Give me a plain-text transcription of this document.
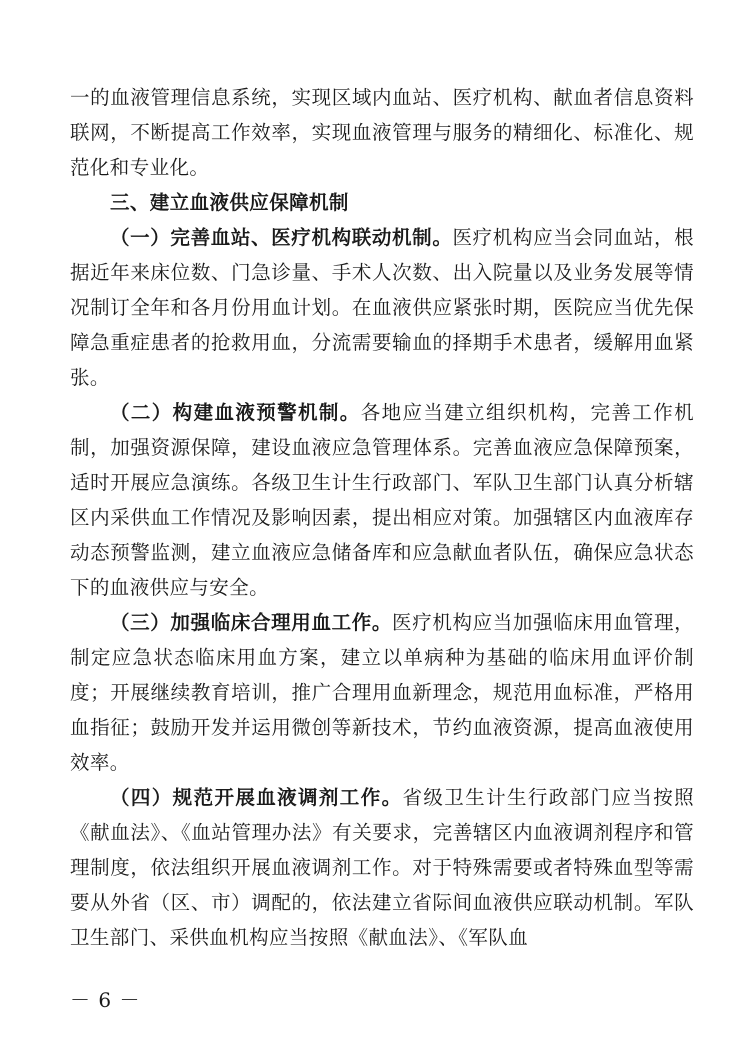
一的血液管理信息系统，实现区域内血站、医疗机构、献血者信息资料联网，不断提高工作效率，实现血液管理与服务的精细化、标准化、规范化和专业化。

三、建立血液供应保障机制

（一）完善血站、医疗机构联动机制。医疗机构应当会同血站，根据近年来床位数、门急诊量、手术人次数、出入院量以及业务发展等情况制订全年和各月份用血计划。在血液供应紧张时期，医院应当优先保障急重症患者的抢救用血，分流需要输血的择期手术患者，缓解用血紧张。

（二）构建血液预警机制。各地应当建立组织机构，完善工作机制，加强资源保障，建设血液应急管理体系。完善血液应急保障预案，适时开展应急演练。各级卫生计生行政部门、军队卫生部门认真分析辖区内采供血工作情况及影响因素，提出相应对策。加强辖区内血液库存动态预警监测，建立血液应急储备库和应急献血者队伍，确保应急状态下的血液供应与安全。

（三）加强临床合理用血工作。医疗机构应当加强临床用血管理，制定应急状态临床用血方案，建立以单病种为基础的临床用血评价制度；开展继续教育培训，推广合理用血新理念，规范用血标准，严格用血指征；鼓励开发并运用微创等新技术，节约血液资源，提高血液使用效率。

（四）规范开展血液调剂工作。省级卫生计生行政部门应当按照《献血法》、《血站管理办法》有关要求，完善辖区内血液调剂程序和管理制度，依法组织开展血液调剂工作。对于特殊需要或者特殊血型等需要从外省（区、市）调配的，依法建立省际间血液供应联动机制。军队卫生部门、采供血机构应当按照《献血法》、《军队血

－ 6 －
